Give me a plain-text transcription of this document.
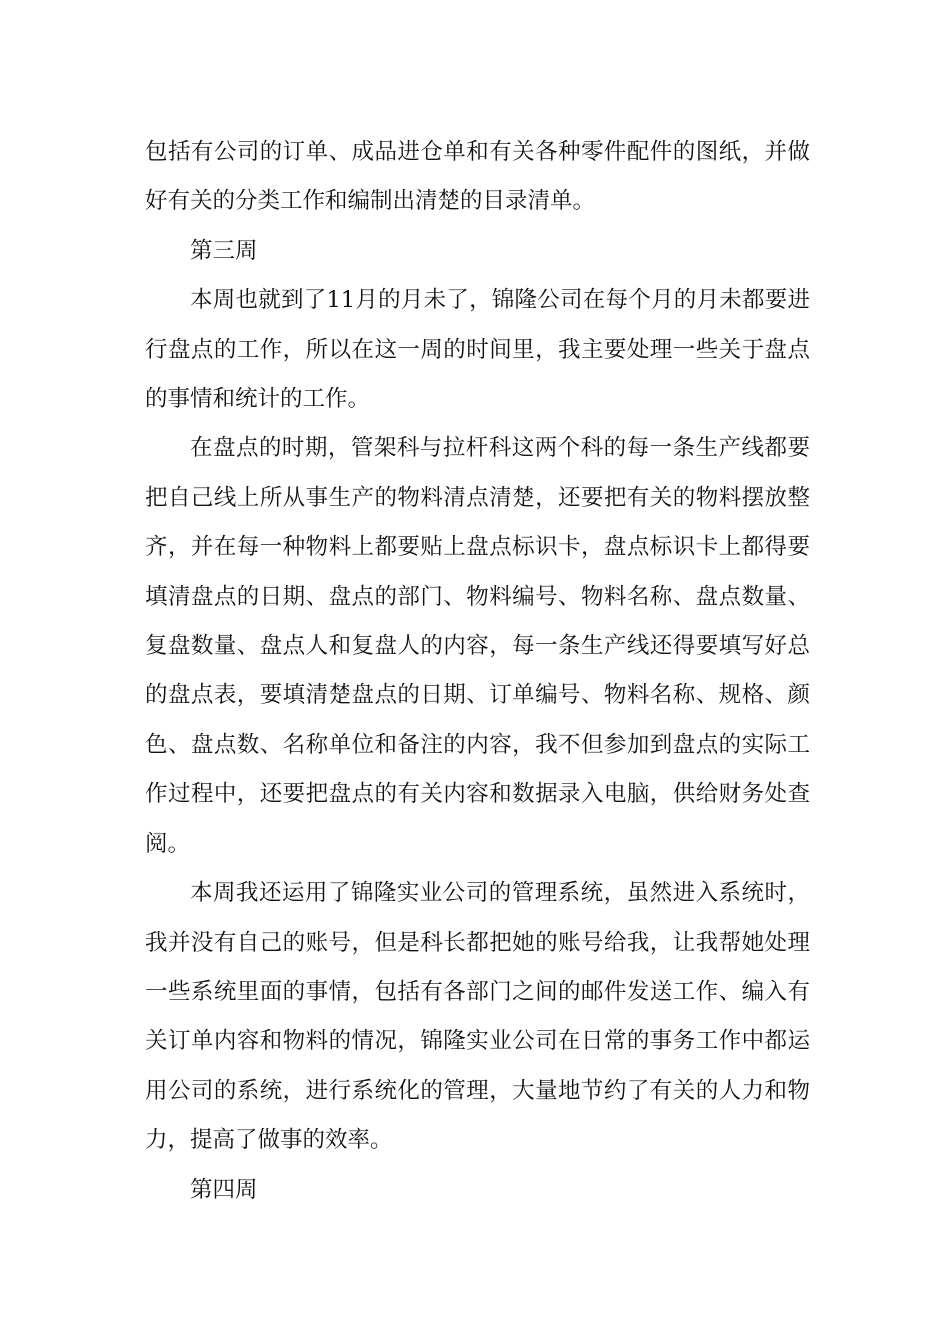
包括有公司的订单、成品进仓单和有关各种零件配件的图纸，并做好有关的分类工作和编制出清楚的目录清单。

第三周

本周也就到了11月的月未了，锦隆公司在每个月的月未都要进行盘点的工作，所以在这一周的时间里，我主要处理一些关于盘点的事情和统计的工作。

在盘点的时期，管架科与拉杆科这两个科的每一条生产线都要把自己线上所从事生产的物料清点清楚，还要把有关的物料摆放整齐，并在每一种物料上都要贴上盘点标识卡，盘点标识卡上都得要填清盘点的日期、盘点的部门、物料编号、物料名称、盘点数量、复盘数量、盘点人和复盘人的内容，每一条生产线还得要填写好总的盘点表，要填清楚盘点的日期、订单编号、物料名称、规格、颜色、盘点数、名称单位和备注的内容，我不但参加到盘点的实际工作过程中，还要把盘点的有关内容和数据录入电脑，供给财务处查阅。

本周我还运用了锦隆实业公司的管理系统，虽然进入系统时，我并没有自己的账号，但是科长都把她的账号给我，让我帮她处理一些系统里面的事情，包括有各部门之间的邮件发送工作、编入有关订单内容和物料的情况，锦隆实业公司在日常的事务工作中都运用公司的系统，进行系统化的管理，大量地节约了有关的人力和物力，提高了做事的效率。

第四周
